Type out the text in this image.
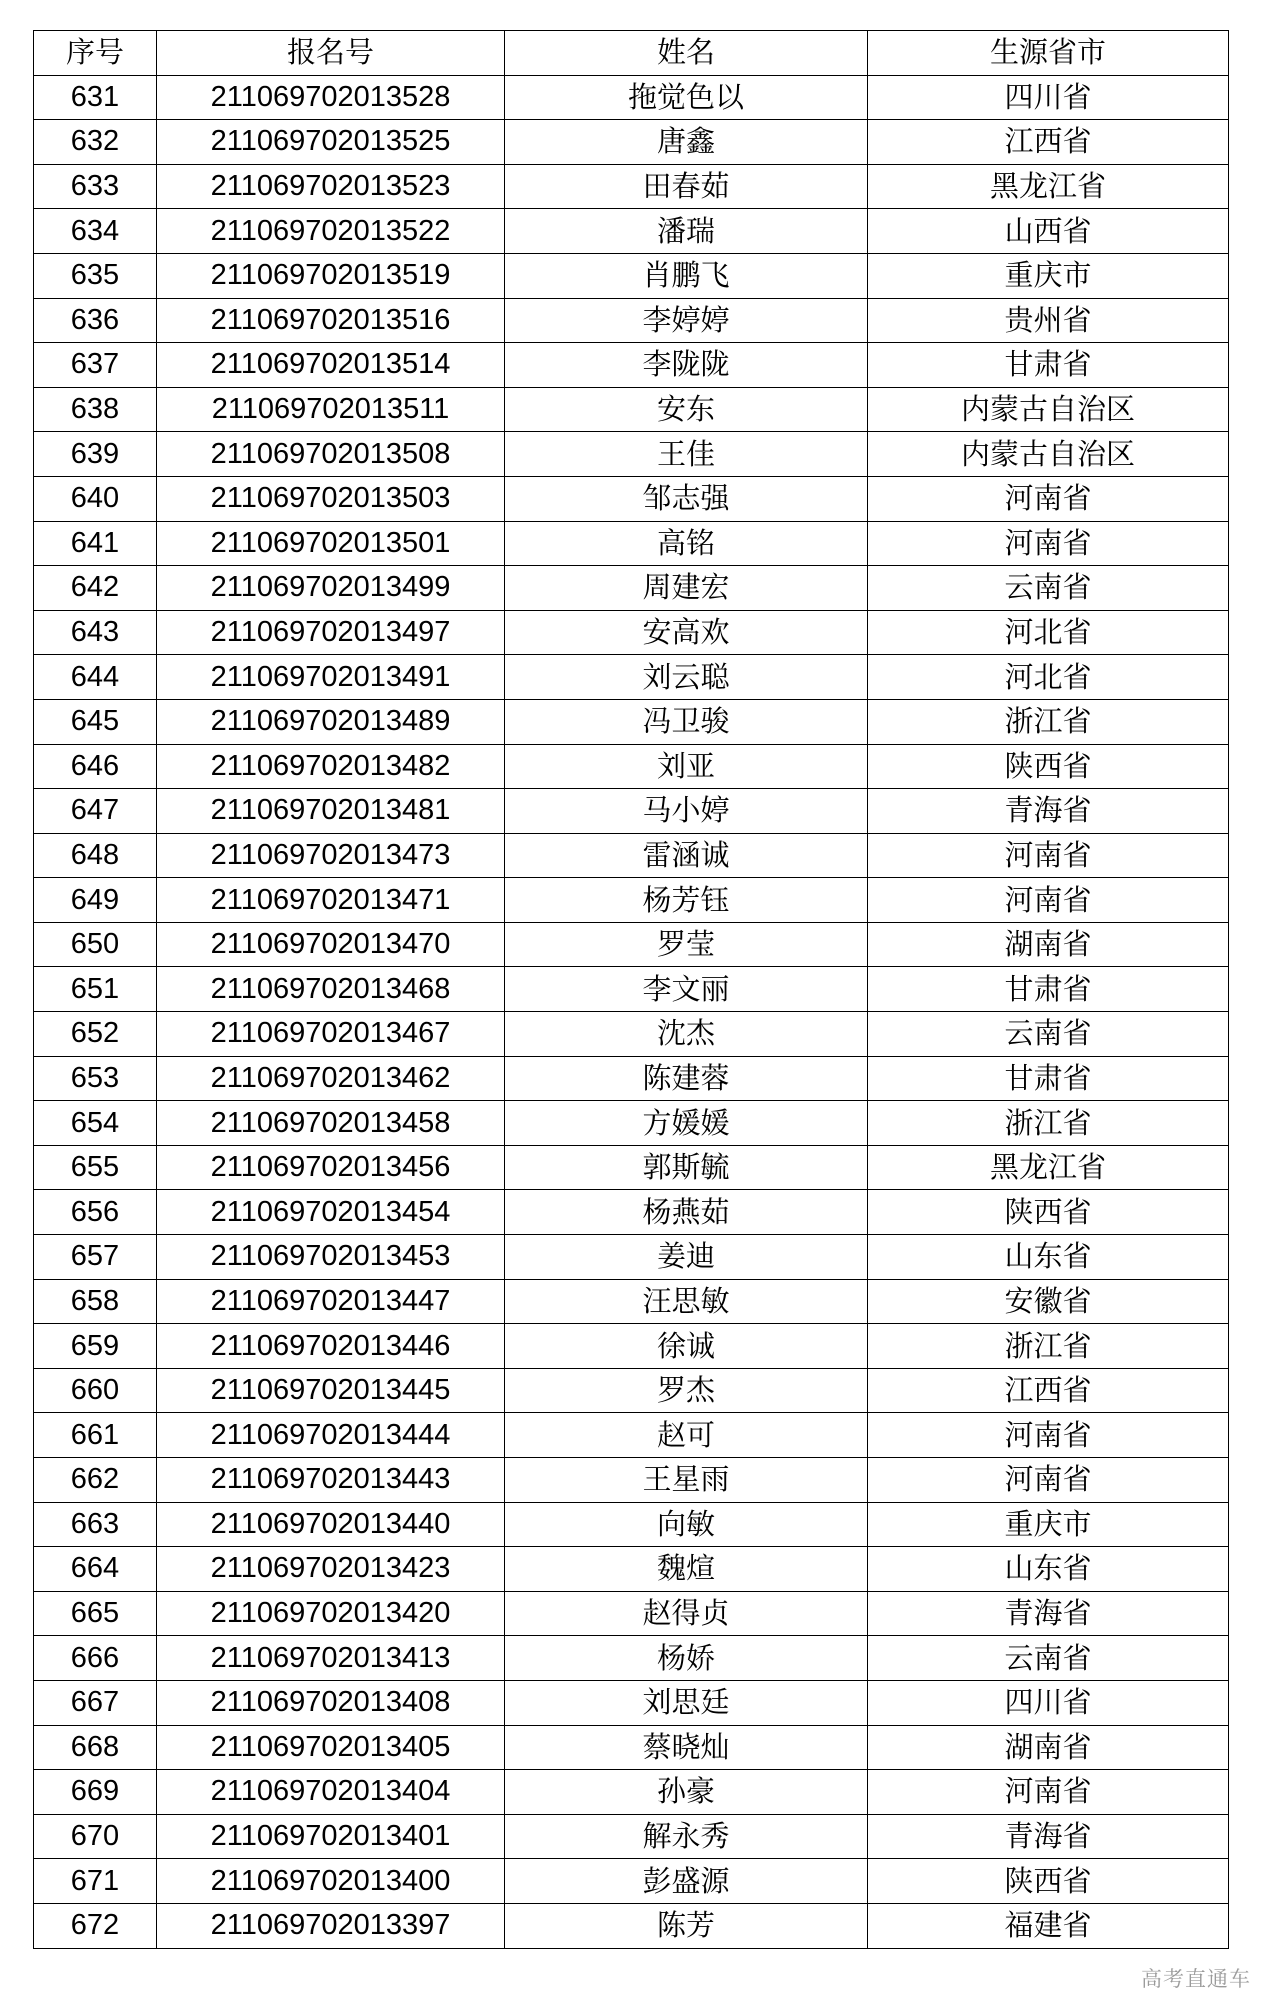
序号	报名号	姓名	生源省市
631	211069702013528	拖觉色以	四川省
632	211069702013525	唐鑫	江西省
633	211069702013523	田春茹	黑龙江省
634	211069702013522	潘瑞	山西省
635	211069702013519	肖鹏飞	重庆市
636	211069702013516	李婷婷	贵州省
637	211069702013514	李陇陇	甘肃省
638	211069702013511	安东	内蒙古自治区
639	211069702013508	王佳	内蒙古自治区
640	211069702013503	邹志强	河南省
641	211069702013501	高铭	河南省
642	211069702013499	周建宏	云南省
643	211069702013497	安高欢	河北省
644	211069702013491	刘云聪	河北省
645	211069702013489	冯卫骏	浙江省
646	211069702013482	刘亚	陕西省
647	211069702013481	马小婷	青海省
648	211069702013473	雷涵诚	河南省
649	211069702013471	杨芳钰	河南省
650	211069702013470	罗莹	湖南省
651	211069702013468	李文丽	甘肃省
652	211069702013467	沈杰	云南省
653	211069702013462	陈建蓉	甘肃省
654	211069702013458	方媛媛	浙江省
655	211069702013456	郭斯毓	黑龙江省
656	211069702013454	杨燕茹	陕西省
657	211069702013453	姜迪	山东省
658	211069702013447	汪思敏	安徽省
659	211069702013446	徐诚	浙江省
660	211069702013445	罗杰	江西省
661	211069702013444	赵可	河南省
662	211069702013443	王星雨	河南省
663	211069702013440	向敏	重庆市
664	211069702013423	魏煊	山东省
665	211069702013420	赵得贞	青海省
666	211069702013413	杨娇	云南省
667	211069702013408	刘思廷	四川省
668	211069702013405	蔡晓灿	湖南省
669	211069702013404	孙豪	河南省
670	211069702013401	解永秀	青海省
671	211069702013400	彭盛源	陕西省
672	211069702013397	陈芳	福建省
高考直通车
